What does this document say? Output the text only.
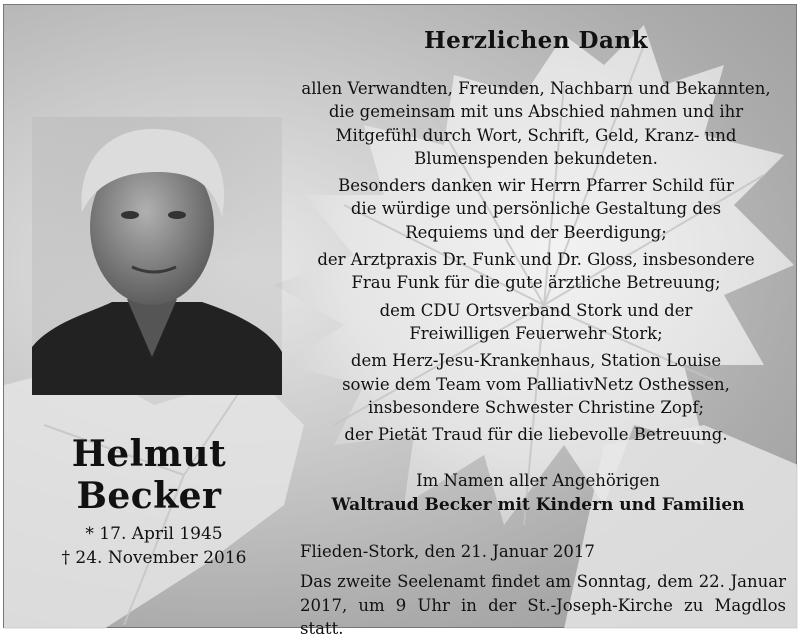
Helmut
Becker
* 17. April 1945
† 24. November 2016
Herzlichen Dank

allen Verwandten, Freunden, Nachbarn und Bekannten,
die gemeinsam mit uns Abschied nahmen und ihr
Mitgefühl durch Wort, Schrift, Geld, Kranz- und
Blumenspenden bekundeten.

Besonders danken wir Herrn Pfarrer Schild für
die würdige und persönliche Gestaltung des
Requiems und der Beerdigung;

der Arztpraxis Dr. Funk und Dr. Gloss, insbesondere
Frau Funk für die gute ärztliche Betreuung;

dem CDU Ortsverband Stork und der
Freiwilligen Feuerwehr Stork;

dem Herz-Jesu-Krankenhaus, Station Louise
sowie dem Team vom PalliativNetz Osthessen,
insbesondere Schwester Christine Zopf;

der Pietät Traud für die liebevolle Betreuung.

Im Namen aller Angehörigen
Waltraud Becker mit Kindern und Familien
Flieden-Stork, den 21. Januar 2017
Das zweite Seelenamt findet am Sonntag, dem 22. Januar 2017, um 9 Uhr in der St.-Joseph-Kirche zu Magdlos statt.
